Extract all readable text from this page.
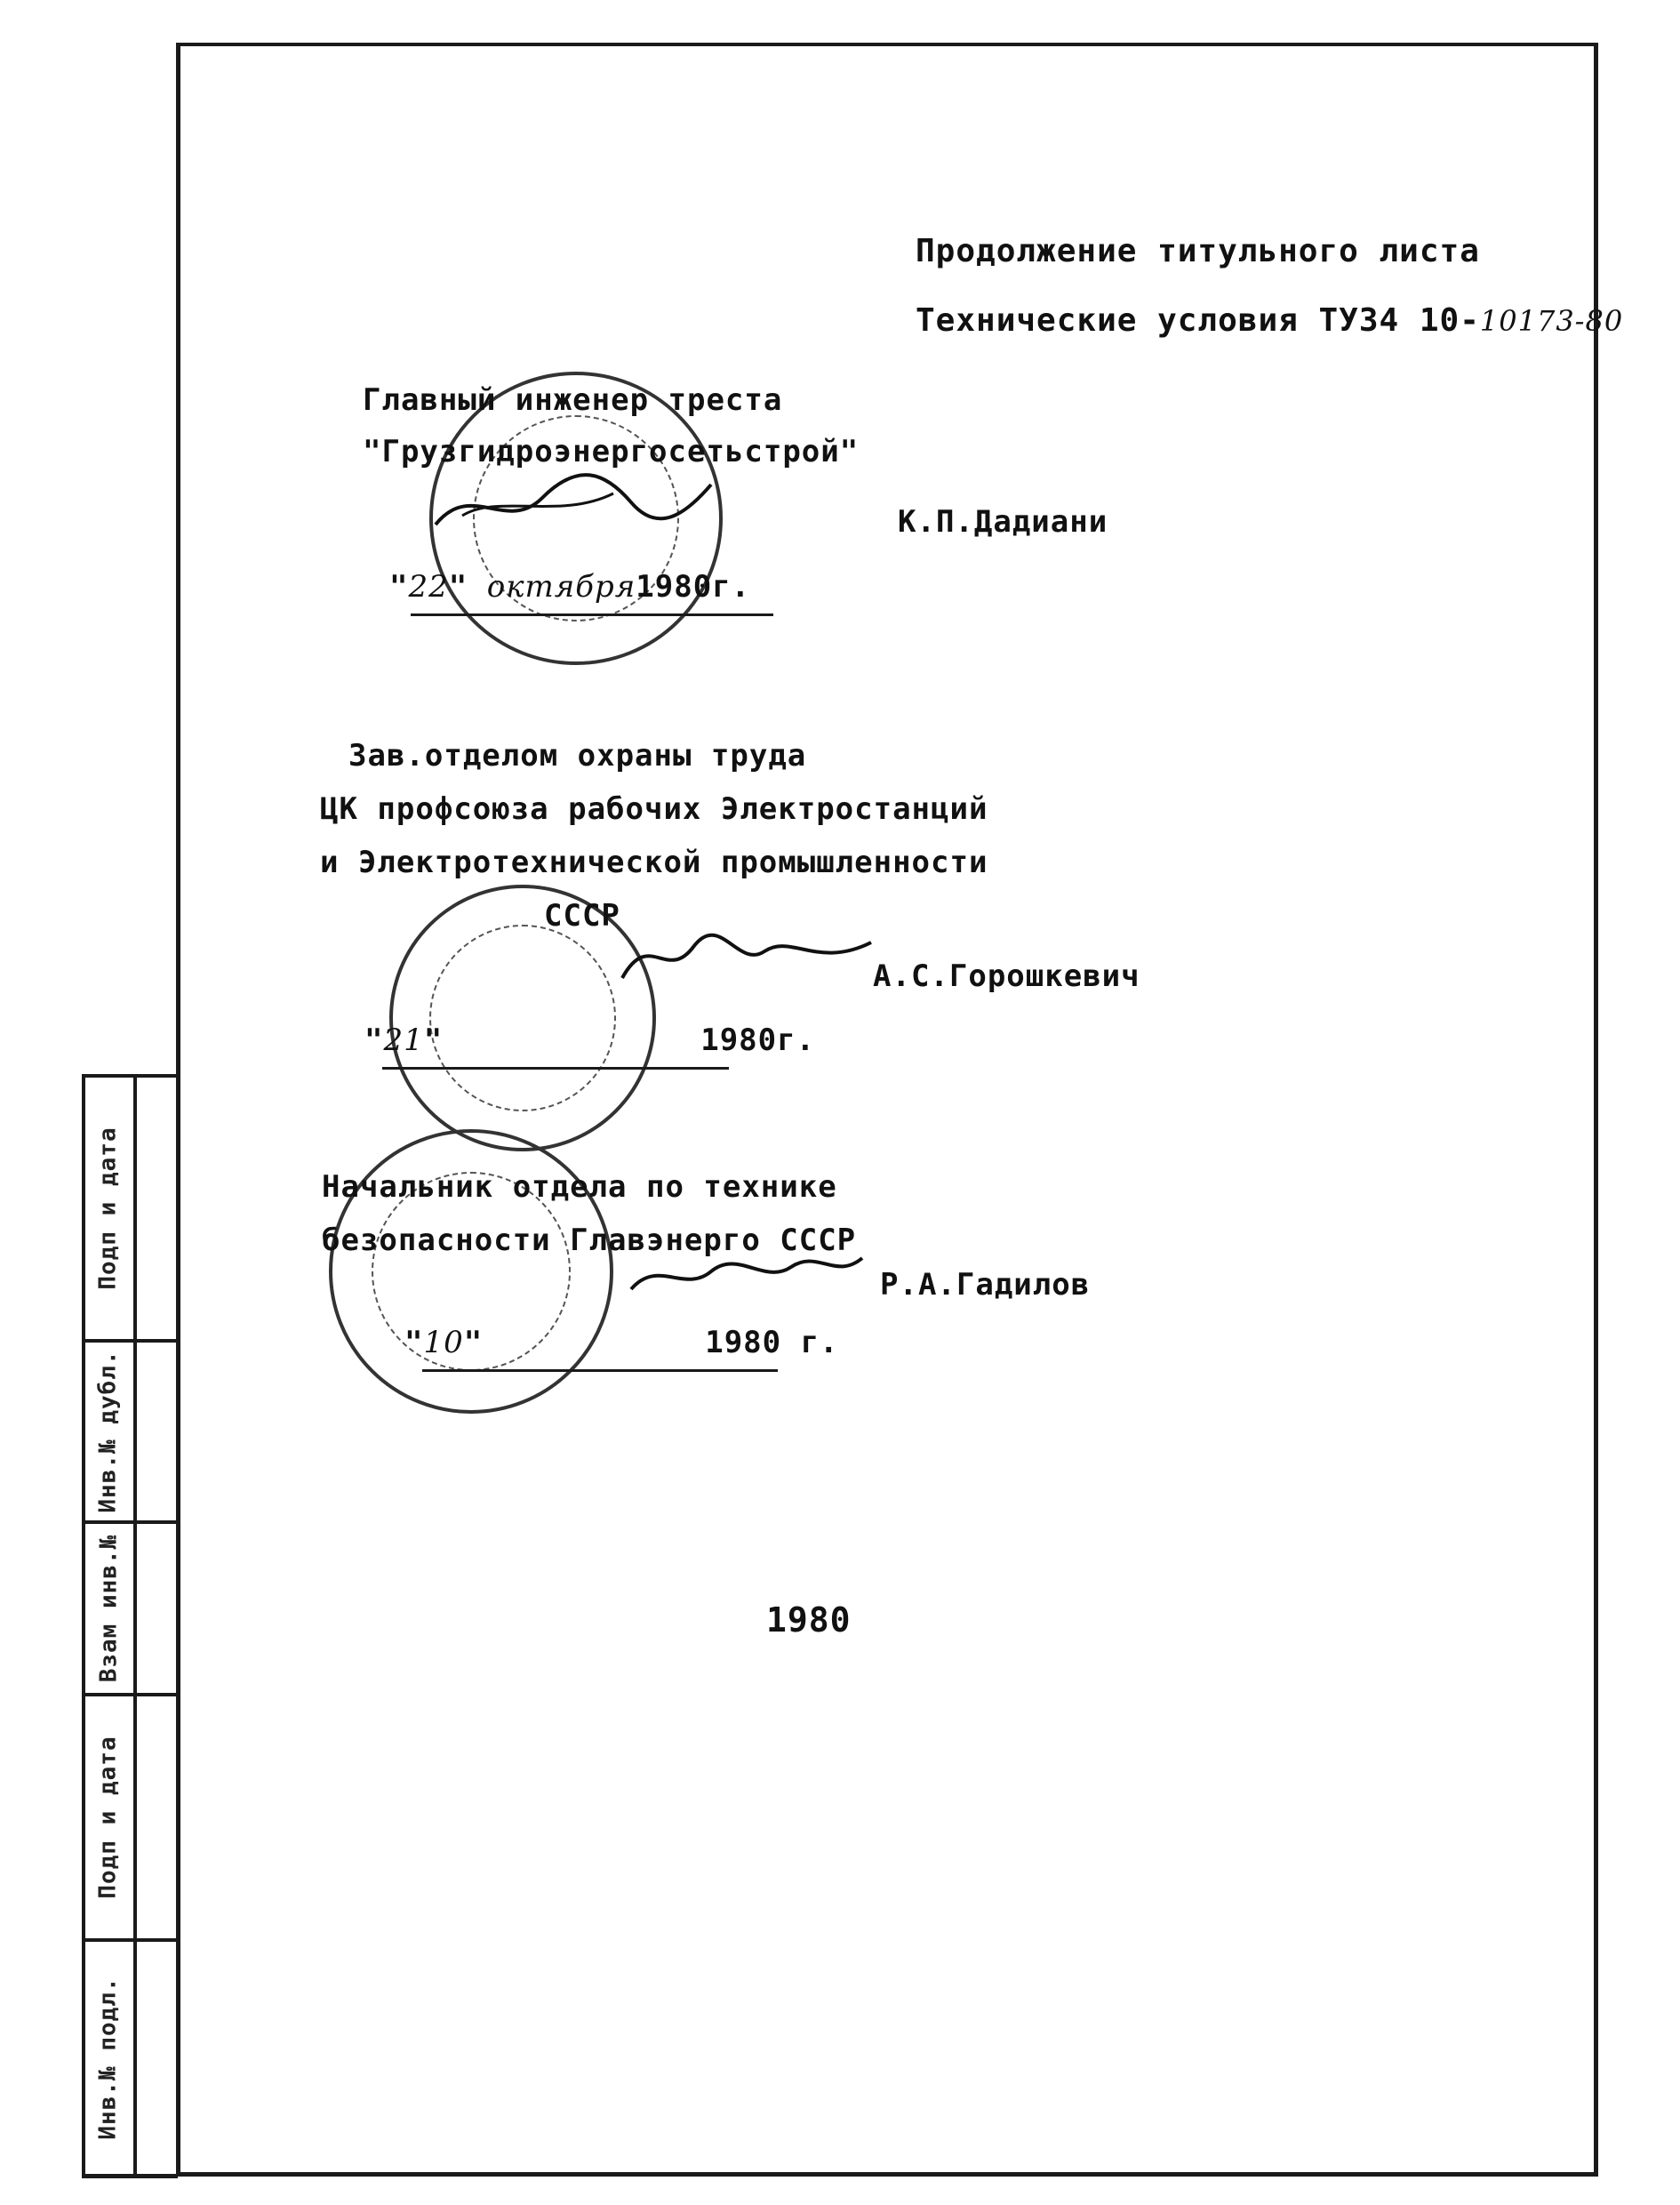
Подп и дата
Инв.№ дубл.
Взам инв.№
Подп и дата
Инв.№ подл.
Продолжение титульного листа
Технические условия ТУ34 10-10173-80
Главный инженер треста
"Грузгидроэнергосетьстрой"
К.П.Дадиани
"22" октября1980г.
Зав.отделом охраны труда
ЦК профсоюза рабочих Электростанций
и Электротехнической промышленности
СССР
А.С.Горошкевич
"21"	1980г.
Начальник отдела по технике
безопасности Главэнерго СССР
Р.А.Гадилов
"10"	1980 г.
1980
